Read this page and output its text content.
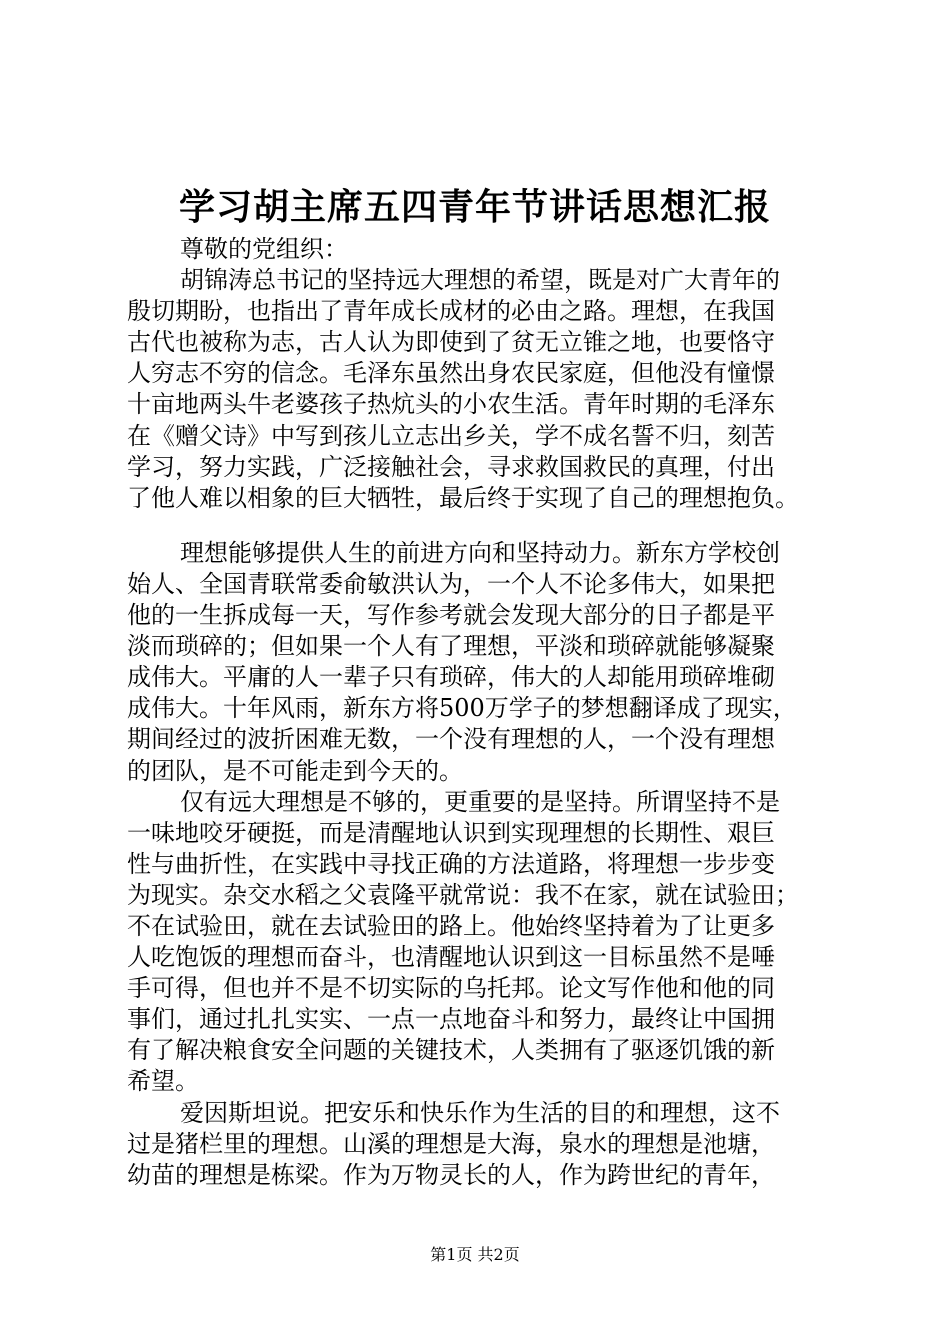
学习胡主席五四青年节讲话思想汇报
尊敬的党组织：
胡锦涛总书记的坚持远大理想的希望，既是对广大青年的
殷切期盼，也指出了青年成长成材的必由之路。理想，在我国
古代也被称为志，古人认为即使到了贫无立锥之地，也要恪守
人穷志不穷的信念。毛泽东虽然出身农民家庭，但他没有憧憬
十亩地两头牛老婆孩子热炕头的小农生活。青年时期的毛泽东
在《赠父诗》中写到孩儿立志出乡关，学不成名誓不归，刻苦
学习，努力实践，广泛接触社会，寻求救国救民的真理，付出
了他人难以相象的巨大牺牲，最后终于实现了自己的理想抱负。
理想能够提供人生的前进方向和坚持动力。新东方学校创
始人、全国青联常委俞敏洪认为，一个人不论多伟大，如果把
他的一生拆成每一天，写作参考就会发现大部分的日子都是平
淡而琐碎的；但如果一个人有了理想，平淡和琐碎就能够凝聚
成伟大。平庸的人一辈子只有琐碎，伟大的人却能用琐碎堆砌
成伟大。十年风雨，新东方将500万学子的梦想翻译成了现实，
期间经过的波折困难无数，一个没有理想的人，一个没有理想
的团队，是不可能走到今天的。
仅有远大理想是不够的，更重要的是坚持。所谓坚持不是
一味地咬牙硬挺，而是清醒地认识到实现理想的长期性、艰巨
性与曲折性，在实践中寻找正确的方法道路，将理想一步步变
为现实。杂交水稻之父袁隆平就常说：我不在家，就在试验田；
不在试验田，就在去试验田的路上。他始终坚持着为了让更多
人吃饱饭的理想而奋斗，也清醒地认识到这一目标虽然不是唾
手可得，但也并不是不切实际的乌托邦。论文写作他和他的同
事们，通过扎扎实实、一点一点地奋斗和努力，最终让中国拥
有了解决粮食安全问题的关键技术，人类拥有了驱逐饥饿的新
希望。
爱因斯坦说。把安乐和快乐作为生活的目的和理想，这不
过是猪栏里的理想。山溪的理想是大海，泉水的理想是池塘，
幼苗的理想是栋梁。作为万物灵长的人，作为跨世纪的青年，
第1页 共2页
